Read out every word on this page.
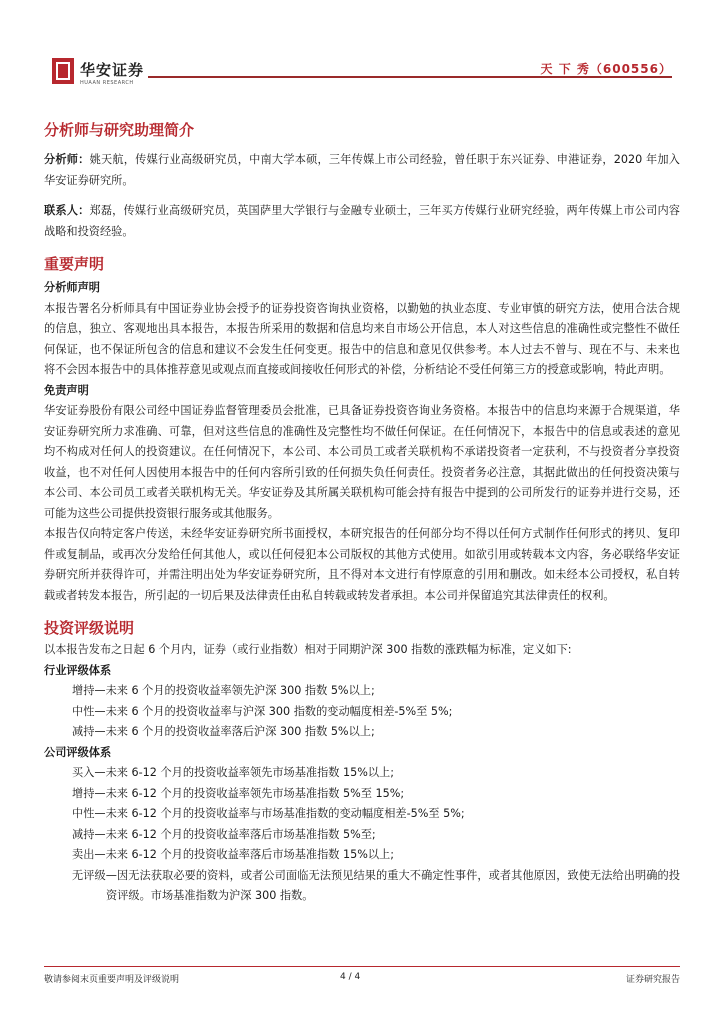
华安证券
HUAAN RESEARCH
天 下 秀（600556）
分析师与研究助理简介

分析师：姚天航，传媒行业高级研究员，中南大学本硕，三年传媒上市公司经验，曾任职于东兴证券、申港证券，2020 年加入华安证券研究所。

联系人：郑磊，传媒行业高级研究员，英国萨里大学银行与金融专业硕士，三年买方传媒行业研究经验，两年传媒上市公司内容战略和投资经验。

重要声明

分析师声明

本报告署名分析师具有中国证券业协会授予的证券投资咨询执业资格，以勤勉的执业态度、专业审慎的研究方法，使用合法合规的信息，独立、客观地出具本报告，本报告所采用的数据和信息均来自市场公开信息，本人对这些信息的准确性或完整性不做任何保证，也不保证所包含的信息和建议不会发生任何变更。报告中的信息和意见仅供参考。本人过去不曾与、现在不与、未来也将不会因本报告中的具体推荐意见或观点而直接或间接收任何形式的补偿，分析结论不受任何第三方的授意或影响，特此声明。

免责声明

华安证券股份有限公司经中国证券监督管理委员会批准，已具备证券投资咨询业务资格。本报告中的信息均来源于合规渠道，华安证券研究所力求准确、可靠，但对这些信息的准确性及完整性均不做任何保证。在任何情况下，本报告中的信息或表述的意见均不构成对任何人的投资建议。在任何情况下，本公司、本公司员工或者关联机构不承诺投资者一定获利，不与投资者分享投资收益，也不对任何人因使用本报告中的任何内容所引致的任何损失负任何责任。投资者务必注意，其据此做出的任何投资决策与本公司、本公司员工或者关联机构无关。华安证券及其所属关联机构可能会持有报告中提到的公司所发行的证券并进行交易，还可能为这些公司提供投资银行服务或其他服务。

本报告仅向特定客户传送，未经华安证券研究所书面授权，本研究报告的任何部分均不得以任何方式制作任何形式的拷贝、复印件或复制品，或再次分发给任何其他人，或以任何侵犯本公司版权的其他方式使用。如欲引用或转载本文内容，务必联络华安证券研究所并获得许可，并需注明出处为华安证券研究所，且不得对本文进行有悖原意的引用和删改。如未经本公司授权，私自转载或者转发本报告，所引起的一切后果及法律责任由私自转载或转发者承担。本公司并保留追究其法律责任的权利。

投资评级说明

以本报告发布之日起 6 个月内，证券（或行业指数）相对于同期沪深 300 指数的涨跌幅为标准，定义如下:

行业评级体系

增持—未来 6 个月的投资收益率领先沪深 300 指数 5%以上;
中性—未来 6 个月的投资收益率与沪深 300 指数的变动幅度相差-5%至 5%;
减持—未来 6 个月的投资收益率落后沪深 300 指数 5%以上;

公司评级体系

买入—未来 6-12 个月的投资收益率领先市场基准指数 15%以上;
增持—未来 6-12 个月的投资收益率领先市场基准指数 5%至 15%;
中性—未来 6-12 个月的投资收益率与市场基准指数的变动幅度相差-5%至 5%;
减持—未来 6-12 个月的投资收益率落后市场基准指数 5%至;
卖出—未来 6-12 个月的投资收益率落后市场基准指数 15%以上;

无评级—因无法获取必要的资料，或者公司面临无法预见结果的重大不确定性事件，或者其他原因，致使无法给出明确的投资评级。市场基准指数为沪深 300 指数。

敬请参阅末页重要声明及评级说明	4 / 4	证券研究报告
